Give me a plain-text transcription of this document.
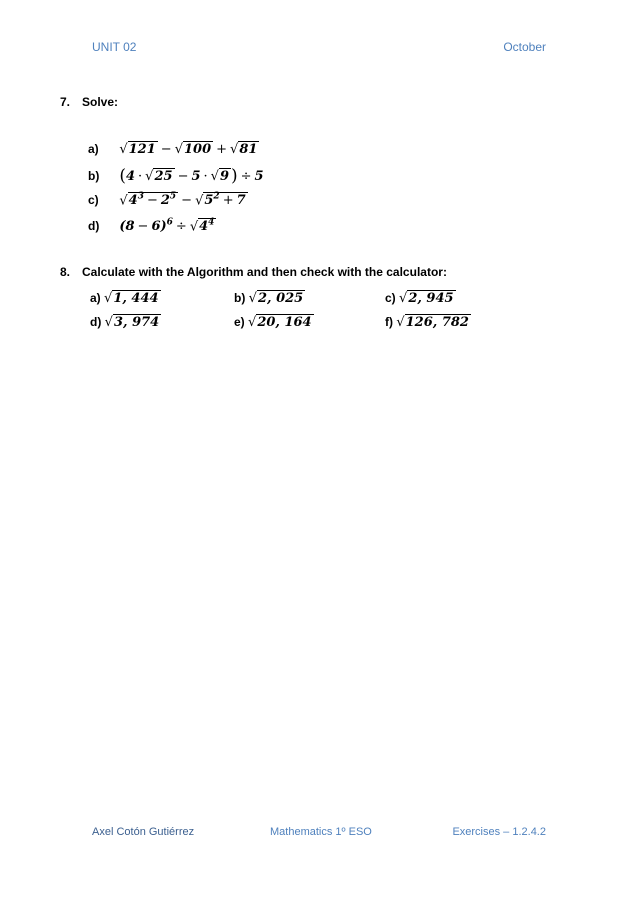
UNIT 02	October
7. Solve:
a) √121 − √100 + √81
b) (4 · √25 − 5 · √9 ) ÷ 5
c) $√4^3 - 2^5 - √5^2 + 7$
d) $(8 - 6)^6 \div √4^4$
8. Calculate with the Algorithm and then check with the calculator:
a) √1, 444	b) √2, 025	c) √2, 945
d) √3, 974	e) √20, 164	f) √126, 782
Axel Cotón Gutiérrez	Mathematics 1º ESO	Exercises – 1.2.4.2
